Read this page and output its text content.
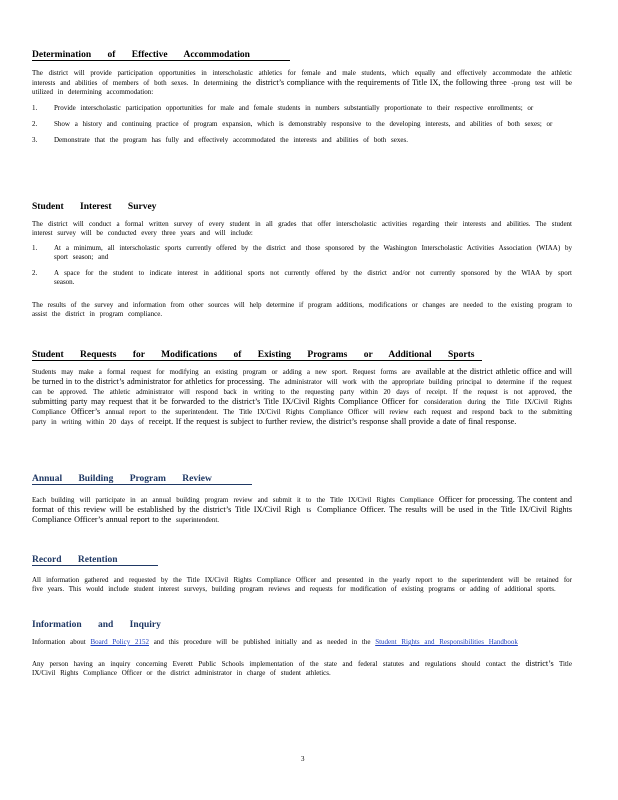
Determination of Effective Accommodation

The district will provide participation opportunities in interscholastic athletics for female and male students, which equally and effectively accommodate the athletic interests and abilities of members of both sexes. In determining the district’s compliance with the requirements of Title IX, the following three -prong test will be utilized in determining accommodation:

1. Provide interscholastic participation opportunities for male and female students in numbers substantially proportionate to their respective enrollments; or
2. Show a history and continuing practice of program expansion, which is demonstrably responsive to the developing interests, and abilities of both sexes; or
3. Demonstrate that the program has fully and effectively accommodated the interests and abilities of both sexes.
Student Interest Survey

The district will conduct a formal written survey of every student in all grades that offer interscholastic activities regarding their interests and abilities. The student interest survey will be conducted every three years and will include:

1. At a minimum, all interscholastic sports currently offered by the district and those sponsored by the Washington Interscholastic Activities Association (WIAA) by sport season; and
2. A space for the student to indicate interest in additional sports not currently offered by the district and/or not currently sponsored by the WIAA by sport season.

The results of the survey and information from other sources will help determine if program additions, modifications or changes are needed to the existing program to assist the district in program compliance.

Student Requests for Modifications of Existing Programs or Additional Sports

Students may make a formal request for modifying an existing program or adding a new sport. Request forms are available at the district athletic office and will be turned in to the district’s administrator for athletics for processing. The administrator will work with the appropriate building principal to determine if the request can be approved. The athletic administrator will respond back in writing to the requesting party within 20 days of receipt. If the request is not approved, the submitting party may request that it be forwarded to the district’s Title IX/Civil Rights Compliance Officer for consideration during the Title IX/Civil Rights Compliance Officer’s annual report to the superintendent. The Title IX/Civil Rights Compliance Officer will review each request and respond back to the submitting party in writing within 20 days of receipt. If the request is subject to further review, the district’s response shall provide a date of final response.

Annual Building Program Review

Each building will participate in an annual building program review and submit it to the Title IX/Civil Rights Compliance Officer for processing. The content and format of this review will be established by the district’s Title IX/Civil Righ ts Compliance Officer. The results will be used in the Title IX/Civil Rights Compliance Officer’s annual report to the superintendent.

Record Retention

All information gathered and requested by the Title IX/Civil Rights Compliance Officer and presented in the yearly report to the superintendent will be retained for five years. This would include student interest surveys, building program reviews and requests for modification of existing programs or adding of additional sports.

Information and Inquiry

Information about Board Policy 2152 and this procedure will be published initially and as needed in the Student Rights and Responsibilities Handbook

Any person having an inquiry concerning Everett Public Schools implementation of the state and federal statutes and regulations should contact the district’s Title IX/Civil Rights Compliance Officer or the district administrator in charge of student athletics.

3
